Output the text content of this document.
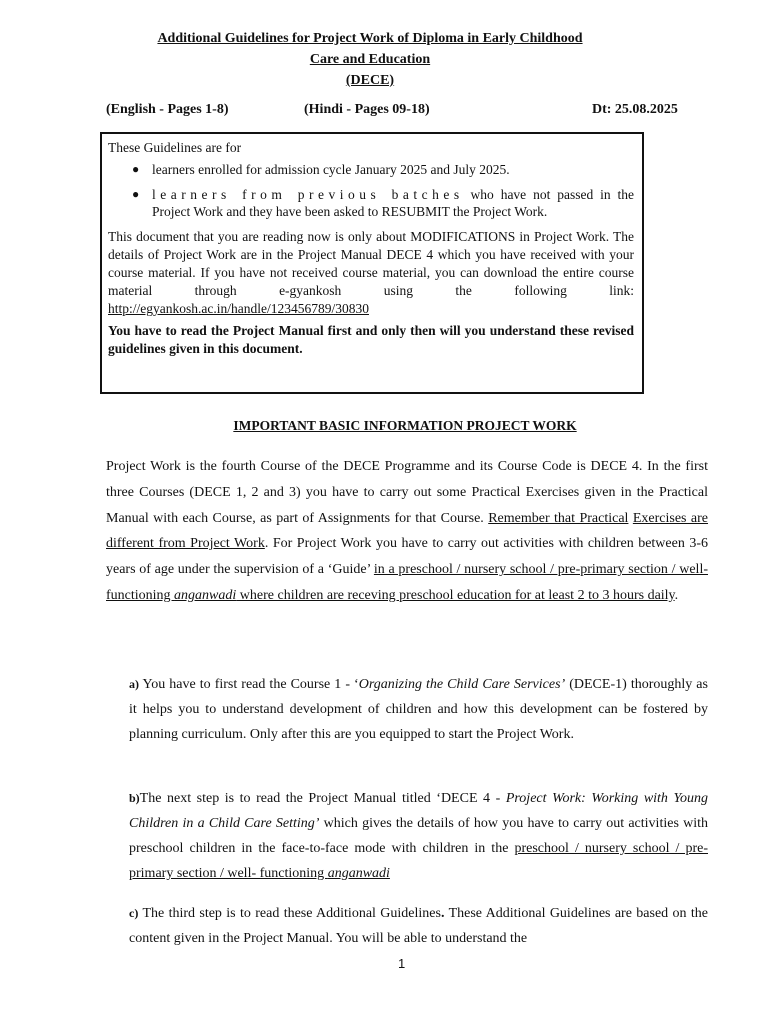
Additional Guidelines for Project Work of Diploma in Early Childhood
Care and Education
(DECE)
(English - Pages 1-8)	(Hindi - Pages 09-18)	Dt: 25.08.2025
These Guidelines are for
● learners enrolled for admission cycle January 2025 and July 2025.
● learners from previous batches who have not passed in the Project Work and they have been asked to RESUBMIT the Project Work.
This document that you are reading now is only about MODIFICATIONS in Project Work. The details of Project Work are in the Project Manual DECE 4 which you have received with your course material. If you have not received course material, you can download the entire course material through e-gyankosh using the following link: http://egyankosh.ac.in/handle/123456789/30830
You have to read the Project Manual first and only then will you understand these revised guidelines given in this document.
IMPORTANT BASIC INFORMATION PROJECT WORK
Project Work is the fourth Course of the DECE Programme and its Course Code is DECE 4. In the first three Courses (DECE 1, 2 and 3) you have to carry out some Practical Exercises given in the Practical Manual with each Course, as part of Assignments for that Course. Remember that Practical Exercises are different from Project Work. For Project Work you have to carry out activities with children between 3-6 years of age under the supervision of a ‘Guide’ in a preschool / nursery school / pre-primary section / well-functioning anganwadi where children are receving preschool education for at least 2 to 3 hours daily.
a) You have to first read the Course 1 - ‘Organizing the Child Care Services’ (DECE-1) thoroughly as it helps you to understand development of children and how this development can be fostered by planning curriculum. Only after this are you equipped to start the Project Work.
b)The next step is to read the Project Manual titled ‘DECE 4 - Project Work: Working with Young Children in a Child Care Setting’ which gives the details of how you have to carry out activities with preschool children in the face-to-face mode with children in the preschool / nursery school / pre-primary section / well- functioning anganwadi
c) The third step is to read these Additional Guidelines. These Additional Guidelines are based on the content given in the Project Manual. You will be able to understand the
1
